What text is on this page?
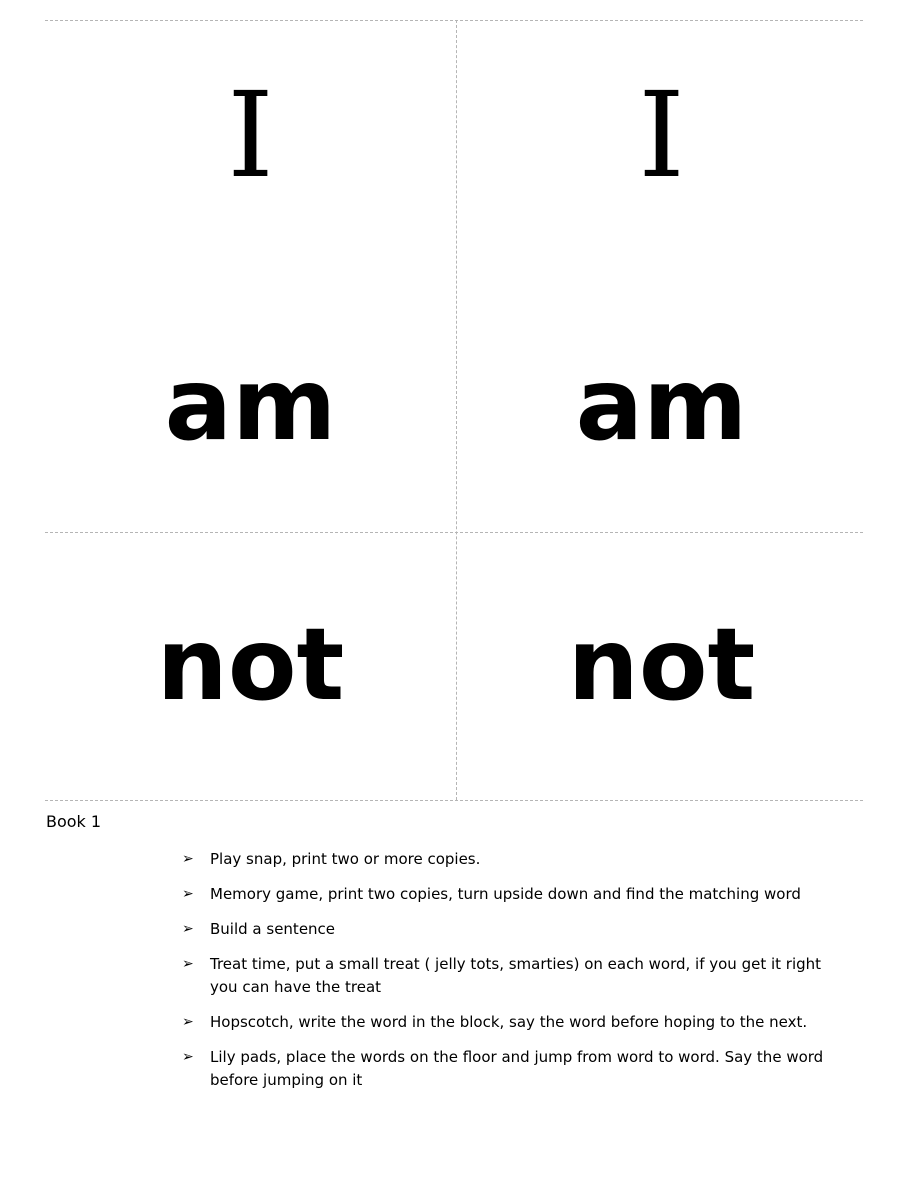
I	I
am am
not not
Book 1
➢ Play snap, print two or more copies.
➢ Memory game, print two copies, turn upside down and find the matching word
➢ Build a sentence
➢ Treat time, put a small treat ( jelly tots, smarties) on each word, if you get it right you can have the treat
➢ Hopscotch, write the word in the block, say the word before hoping to the next.
➢ Lily pads, place the words on the floor and jump from word to word. Say the word before jumping on it
